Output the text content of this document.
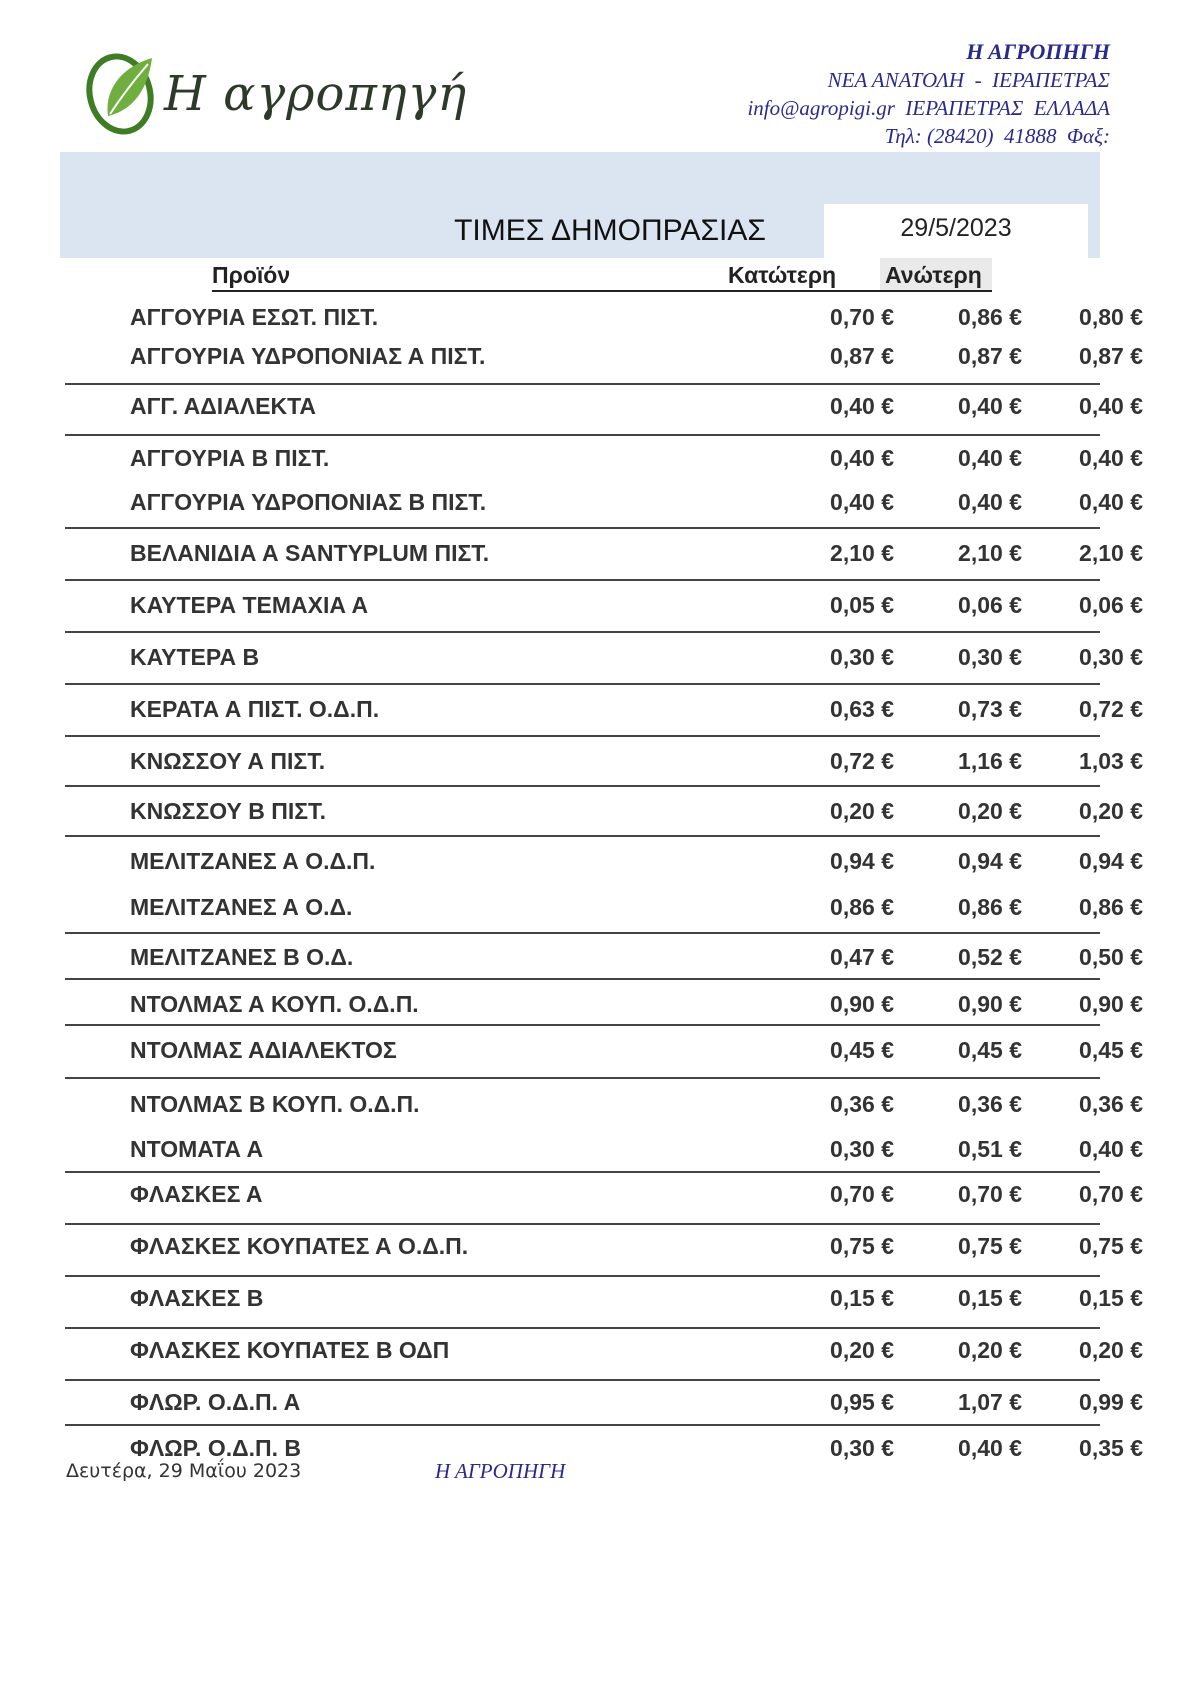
Η αγροπηγή
Η ΑΓΡΟΠΗΓΗ
ΝΕΑ ΑΝΑΤΟΛΗ  -  ΙΕΡΑΠΕΤΡΑΣ
info@agropigi.gr  ΙΕΡΑΠΕΤΡΑΣ  ΕΛΛΑΔΑ
Τηλ: (28420)  41888  Φαξ:
ΤΙΜΕΣ ΔΗΜΟΠΡΑΣΙΑΣ	29/5/2023
Προϊόν	Κατώτερη Ανώτερη
ΑΓΓΟΥΡΙΑ ΕΣΩΤ. ΠΙΣΤ.	0,70 €	0,86 €	0,80 €
ΑΓΓΟΥΡΙΑ ΥΔΡΟΠΟΝΙΑΣ Α ΠΙΣΤ.	0,87 €	0,87 €	0,87 €
ΑΓΓ. ΑΔΙΑΛΕΚΤΑ	0,40 €	0,40 €	0,40 €
ΑΓΓΟΥΡΙΑ Β ΠΙΣΤ.	0,40 €	0,40 €	0,40 €
ΑΓΓΟΥΡΙΑ ΥΔΡΟΠΟΝΙΑΣ Β ΠΙΣΤ.	0,40 €	0,40 €	0,40 €
ΒΕΛΑΝΙΔΙΑ Α SANTYPLUM ΠΙΣΤ.	2,10 €	2,10 €	2,10 €
ΚΑΥΤΕΡΑ ΤΕΜΑΧΙΑ Α	0,05 €	0,06 €	0,06 €
ΚΑΥΤΕΡΑ Β	0,30 €	0,30 €	0,30 €
ΚΕΡΑΤΑ Α ΠΙΣΤ. Ο.Δ.Π.	0,63 €	0,73 €	0,72 €
ΚΝΩΣΣΟΥ Α ΠΙΣΤ.	0,72 €	1,16 €	1,03 €
ΚΝΩΣΣΟΥ Β ΠΙΣΤ.	0,20 €	0,20 €	0,20 €
ΜΕΛΙΤΖΑΝΕΣ Α Ο.Δ.Π.	0,94 €	0,94 €	0,94 €
ΜΕΛΙΤΖΑΝΕΣ Α Ο.Δ.	0,86 €	0,86 €	0,86 €
ΜΕΛΙΤΖΑΝΕΣ Β Ο.Δ.	0,47 €	0,52 €	0,50 €
ΝΤΟΛΜΑΣ Α ΚΟΥΠ. Ο.Δ.Π.	0,90 €	0,90 €	0,90 €
ΝΤΟΛΜΑΣ ΑΔΙΑΛΕΚΤΟΣ	0,45 €	0,45 €	0,45 €
ΝΤΟΛΜΑΣ Β ΚΟΥΠ. Ο.Δ.Π.	0,36 €	0,36 €	0,36 €
ΝΤΟΜΑΤΑ Α	0,30 €	0,51 €	0,40 €
ΦΛΑΣΚΕΣ Α	0,70 €	0,70 €	0,70 €
ΦΛΑΣΚΕΣ ΚΟΥΠΑΤΕΣ Α Ο.Δ.Π.	0,75 €	0,75 €	0,75 €
ΦΛΑΣΚΕΣ Β	0,15 €	0,15 €	0,15 €
ΦΛΑΣΚΕΣ ΚΟΥΠΑΤΕΣ Β ΟΔΠ	0,20 €	0,20 €	0,20 €
ΦΛΩΡ. Ο.Δ.Π. Α	0,95 €	1,07 €	0,99 €
ΦΛΩΡ. Ο.Δ.Π. Β	0,30 €	0,40 €	0,35 €
Δευτέρα, 29 Μαΐου 2023	Η ΑΓΡΟΠΗΓΗ
